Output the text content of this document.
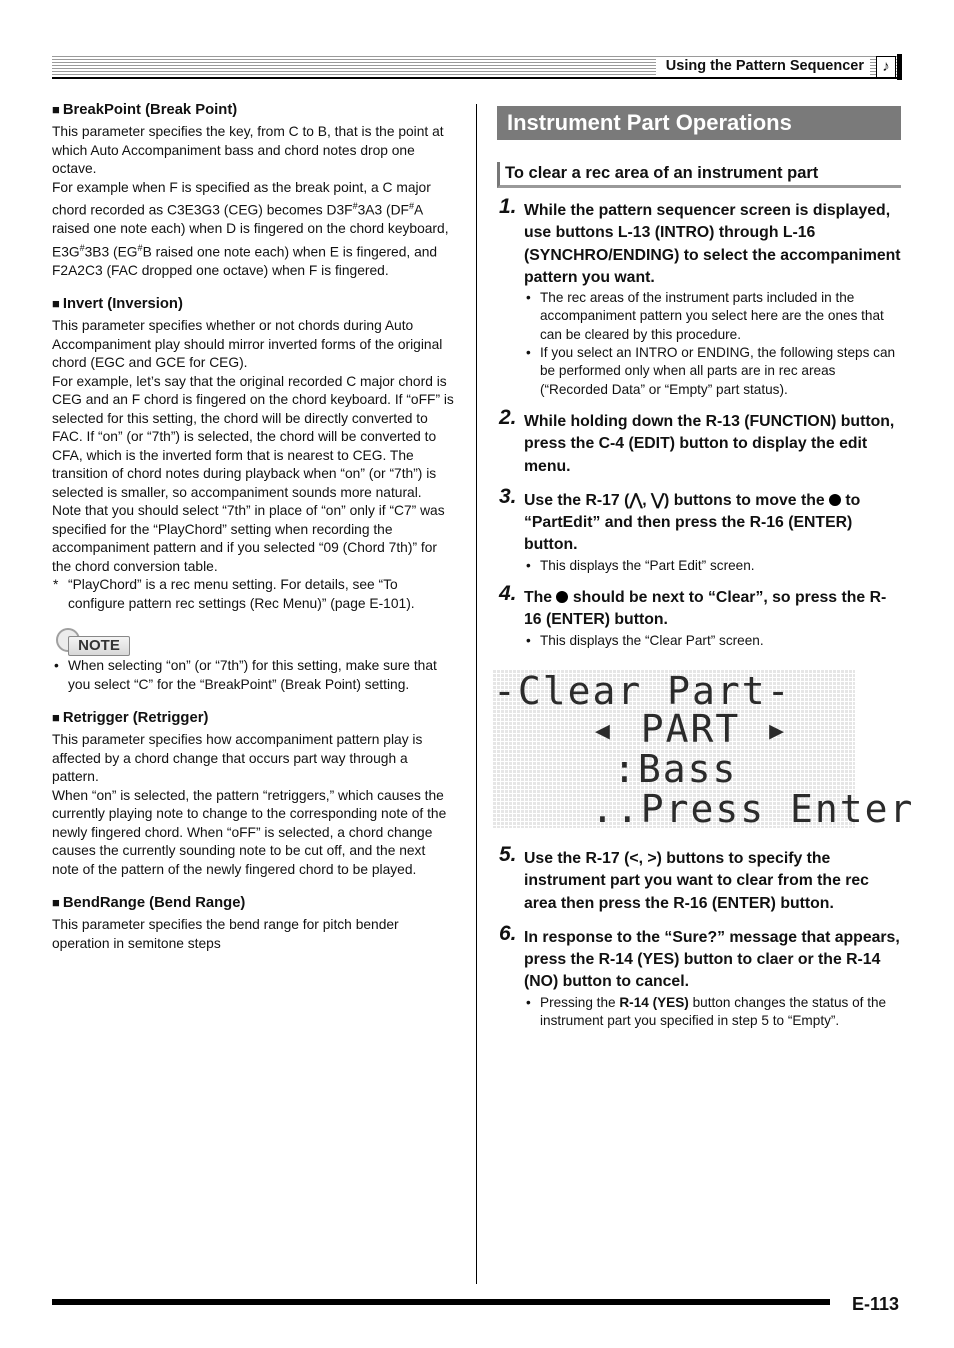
Using the Pattern Sequencer	♪
■ BreakPoint (Break Point)

This parameter specifies the key, from C to B, that is the point at which Auto Accompaniment bass and chord notes drop one octave.

For example when F is specified as the break point, a C major chord recorded as C3E3G3 (CEG) becomes D3F#3A3 (DF#A raised one note each) when D is fingered on the chord keyboard, E3G#3B3 (EG#B raised one note each) when E is fingered, and F2A2C3 (FAC dropped one octave) when F is fingered.

■ Invert (Inversion)

This parameter specifies whether or not chords during Auto Accompaniment play should mirror inverted forms of the original chord (EGC and GCE for CEG).

For example, let’s say that the original recorded C major chord is CEG and an F chord is fingered on the chord keyboard. If “oFF” is selected for this setting, the chord will be directly converted to FAC. If “on” (or “7th”) is selected, the chord will be converted to CFA, which is the inverted form that is nearest to CEG. The transition of chord notes during playback when “on” (or “7th”) is selected is smaller, so accompaniment sounds more natural.

Note that you should select “7th” in place of “on” only if “C7” was specified for the “PlayChord” setting when recording the accompaniment pattern and if you selected “09 (Chord 7th)” for the chord conversion table.

* “PlayChord” is a rec menu setting. For details, see “To configure pattern rec settings (Rec Menu)” (page E-101).
NOTE
• When selecting “on” (or “7th”) for this setting, make sure that you select “C” for the “BreakPoint” (Break Point) setting.
■ Retrigger (Retrigger)

This parameter specifies how accompaniment pattern play is affected by a chord change that occurs part way through a pattern.

When “on” is selected, the pattern “retriggers,” which causes the currently playing note to change to the corresponding note of the newly fingered chord. When “oFF” is selected, a chord change causes the currently sounding note to be cut off, and the next note of the pattern of the newly fingered chord to be played.

■ BendRange (Bend Range)

This parameter specifies the bend range for pitch bender operation in semitone steps

Instrument Part Operations
To clear a rec area of an instrument part
1. While the pattern sequencer screen is displayed, use buttons L-13 (INTRO) through L-16 (SYNCHRO/ENDING) to select the accompaniment pattern you want.
• The rec areas of the instrument parts included in the accompaniment pattern you select here are the ones that can be cleared by this procedure.
• If you select an INTRO or ENDING, the following steps can be performed only when all parts are in rec areas (“Recorded Data” or “Empty” part status).
2. While holding down the R-13 (FUNCTION) button, press the C-4 (EDIT) button to display the edit menu.
3. Use the R-17 (⋀, ⋁) buttons to move the to “PartEdit” and then press the R-16 (ENTER) button.
• This displays the “Part Edit” screen.
4. The should be next to “Clear”, so press the R-16 (ENTER) button.
• This displays the “Clear Part” screen.
-Clear Part-
◂ PART ▸
:Bass
..Press Enter
5. Use the R-17 (<, >) buttons to specify the instrument part you want to clear from the rec area then press the R-16 (ENTER) button.
6. In response to the “Sure?” message that appears, press the R-14 (YES) button to claer or the R-14 (NO) button to cancel.
• Pressing the R-14 (YES) button changes the status of the instrument part you specified in step 5 to “Empty”.
E-113
